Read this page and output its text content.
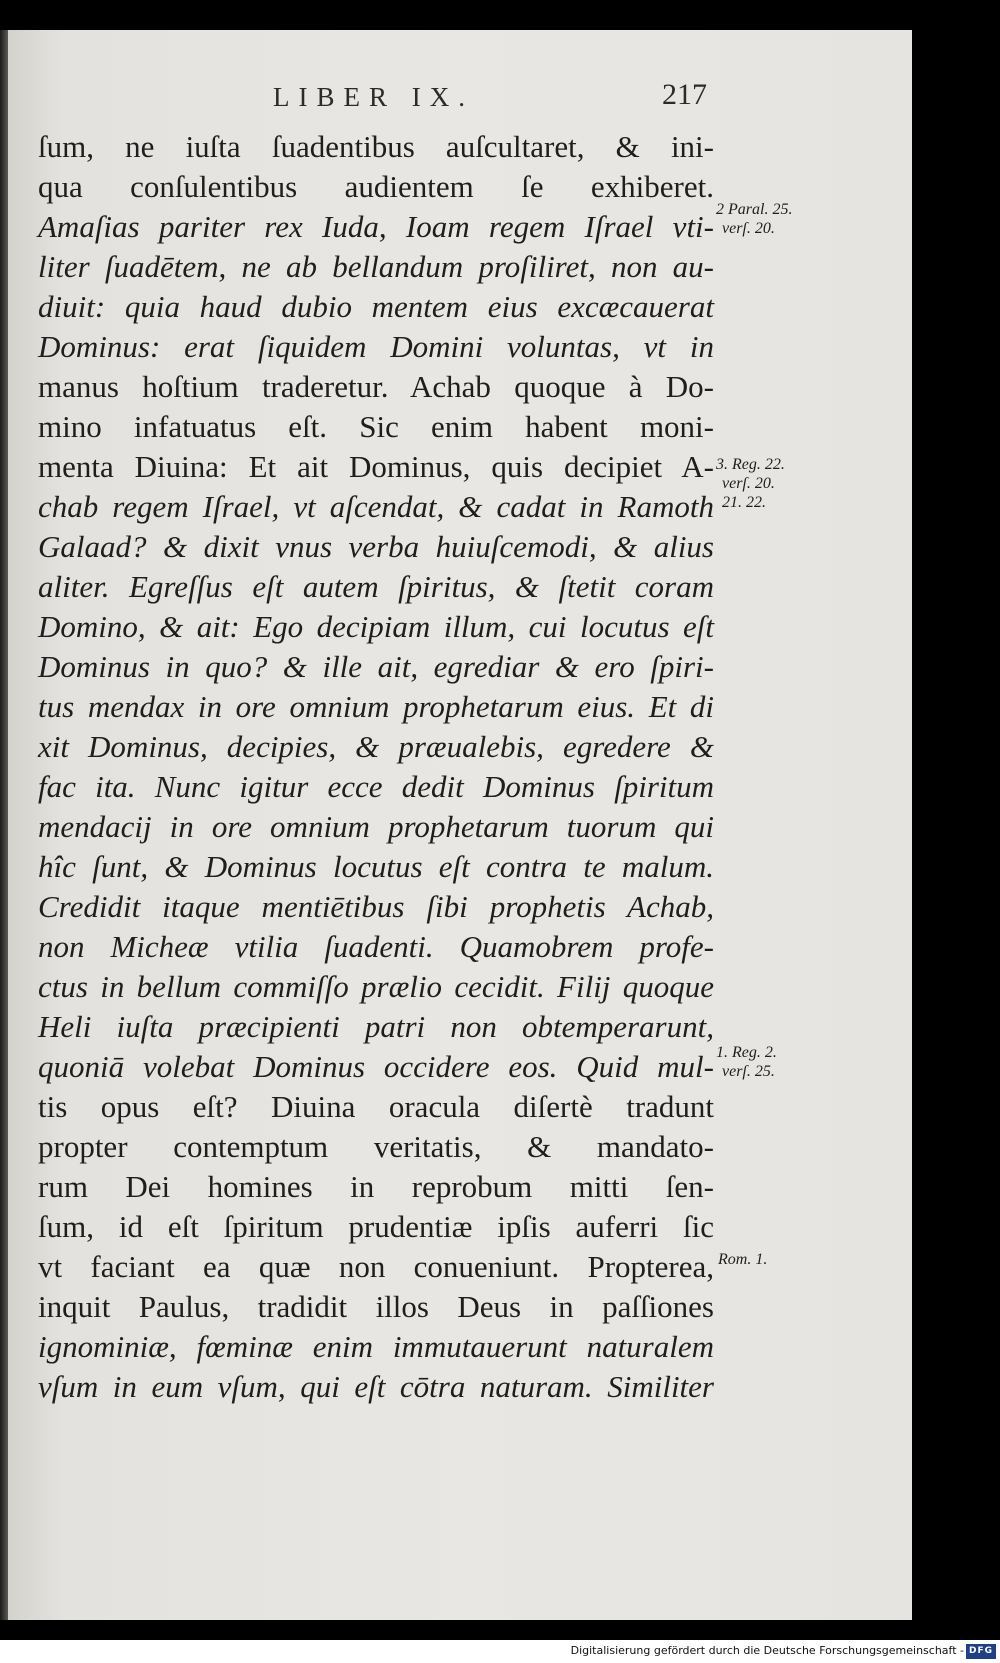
LIBER IX.	217
ſum, ne iuſta ſuadentibus auſcultaret, & ini-
qua conſulentibus audientem ſe exhiberet.
Amaſias pariter rex Iuda, Ioam regem Iſrael vti-
liter ſuadētem, ne ab bellandum proſiliret, non au-
diuit: quia haud dubio mentem eius excæcauerat
Dominus: erat ſiquidem Domini voluntas, vt in
manus hoſtium traderetur. Achab quoque à Do-
mino infatuatus eſt. Sic enim habent moni-
menta Diuina: Et ait Dominus, quis decipiet A-
chab regem Iſrael, vt aſcendat, & cadat in Ramoth
Galaad? & dixit vnus verba huiuſcemodi, & alius
aliter. Egreſſus eſt autem ſpiritus, & ſtetit coram
Domino, & ait: Ego decipiam illum, cui locutus eſt
Dominus in quo? & ille ait, egrediar & ero ſpiri-
tus mendax in ore omnium prophetarum eius. Et di
xit Dominus, decipies, & præualebis, egredere &
fac ita. Nunc igitur ecce dedit Dominus ſpiritum
mendacij in ore omnium prophetarum tuorum qui
hîc ſunt, & Dominus locutus eſt contra te malum.
Credidit itaque mentiētibus ſibi prophetis Achab,
non Micheæ vtilia ſuadenti. Quamobrem profe-
ctus in bellum commiſſo prælio cecidit. Filij quoque
Heli iuſta præcipienti patri non obtemperarunt,
quoniā volebat Dominus occidere eos. Quid mul-
tis opus eſt? Diuina oracula diſertè tradunt
propter contemptum veritatis, & mandato-
rum Dei homines in reprobum mitti ſen-
ſum, id eſt ſpiritum prudentiæ ipſis auferri ſic
vt faciant ea quæ non conueniunt. Propterea,
inquit Paulus, tradidit illos Deus in paſſiones
ignominiæ, fœminæ enim immutauerunt naturalem
vſum in eum vſum, qui eſt cōtra naturam. Similiter
2 Paral. 25.
verſ. 20.
3. Reg. 22.
verſ. 20.
21. 22.
1. Reg. 2.
verſ. 25.
Rom. 1.
Digitalisierung gefördert durch die Deutsche Forschungsgemeinschaft - DFG
